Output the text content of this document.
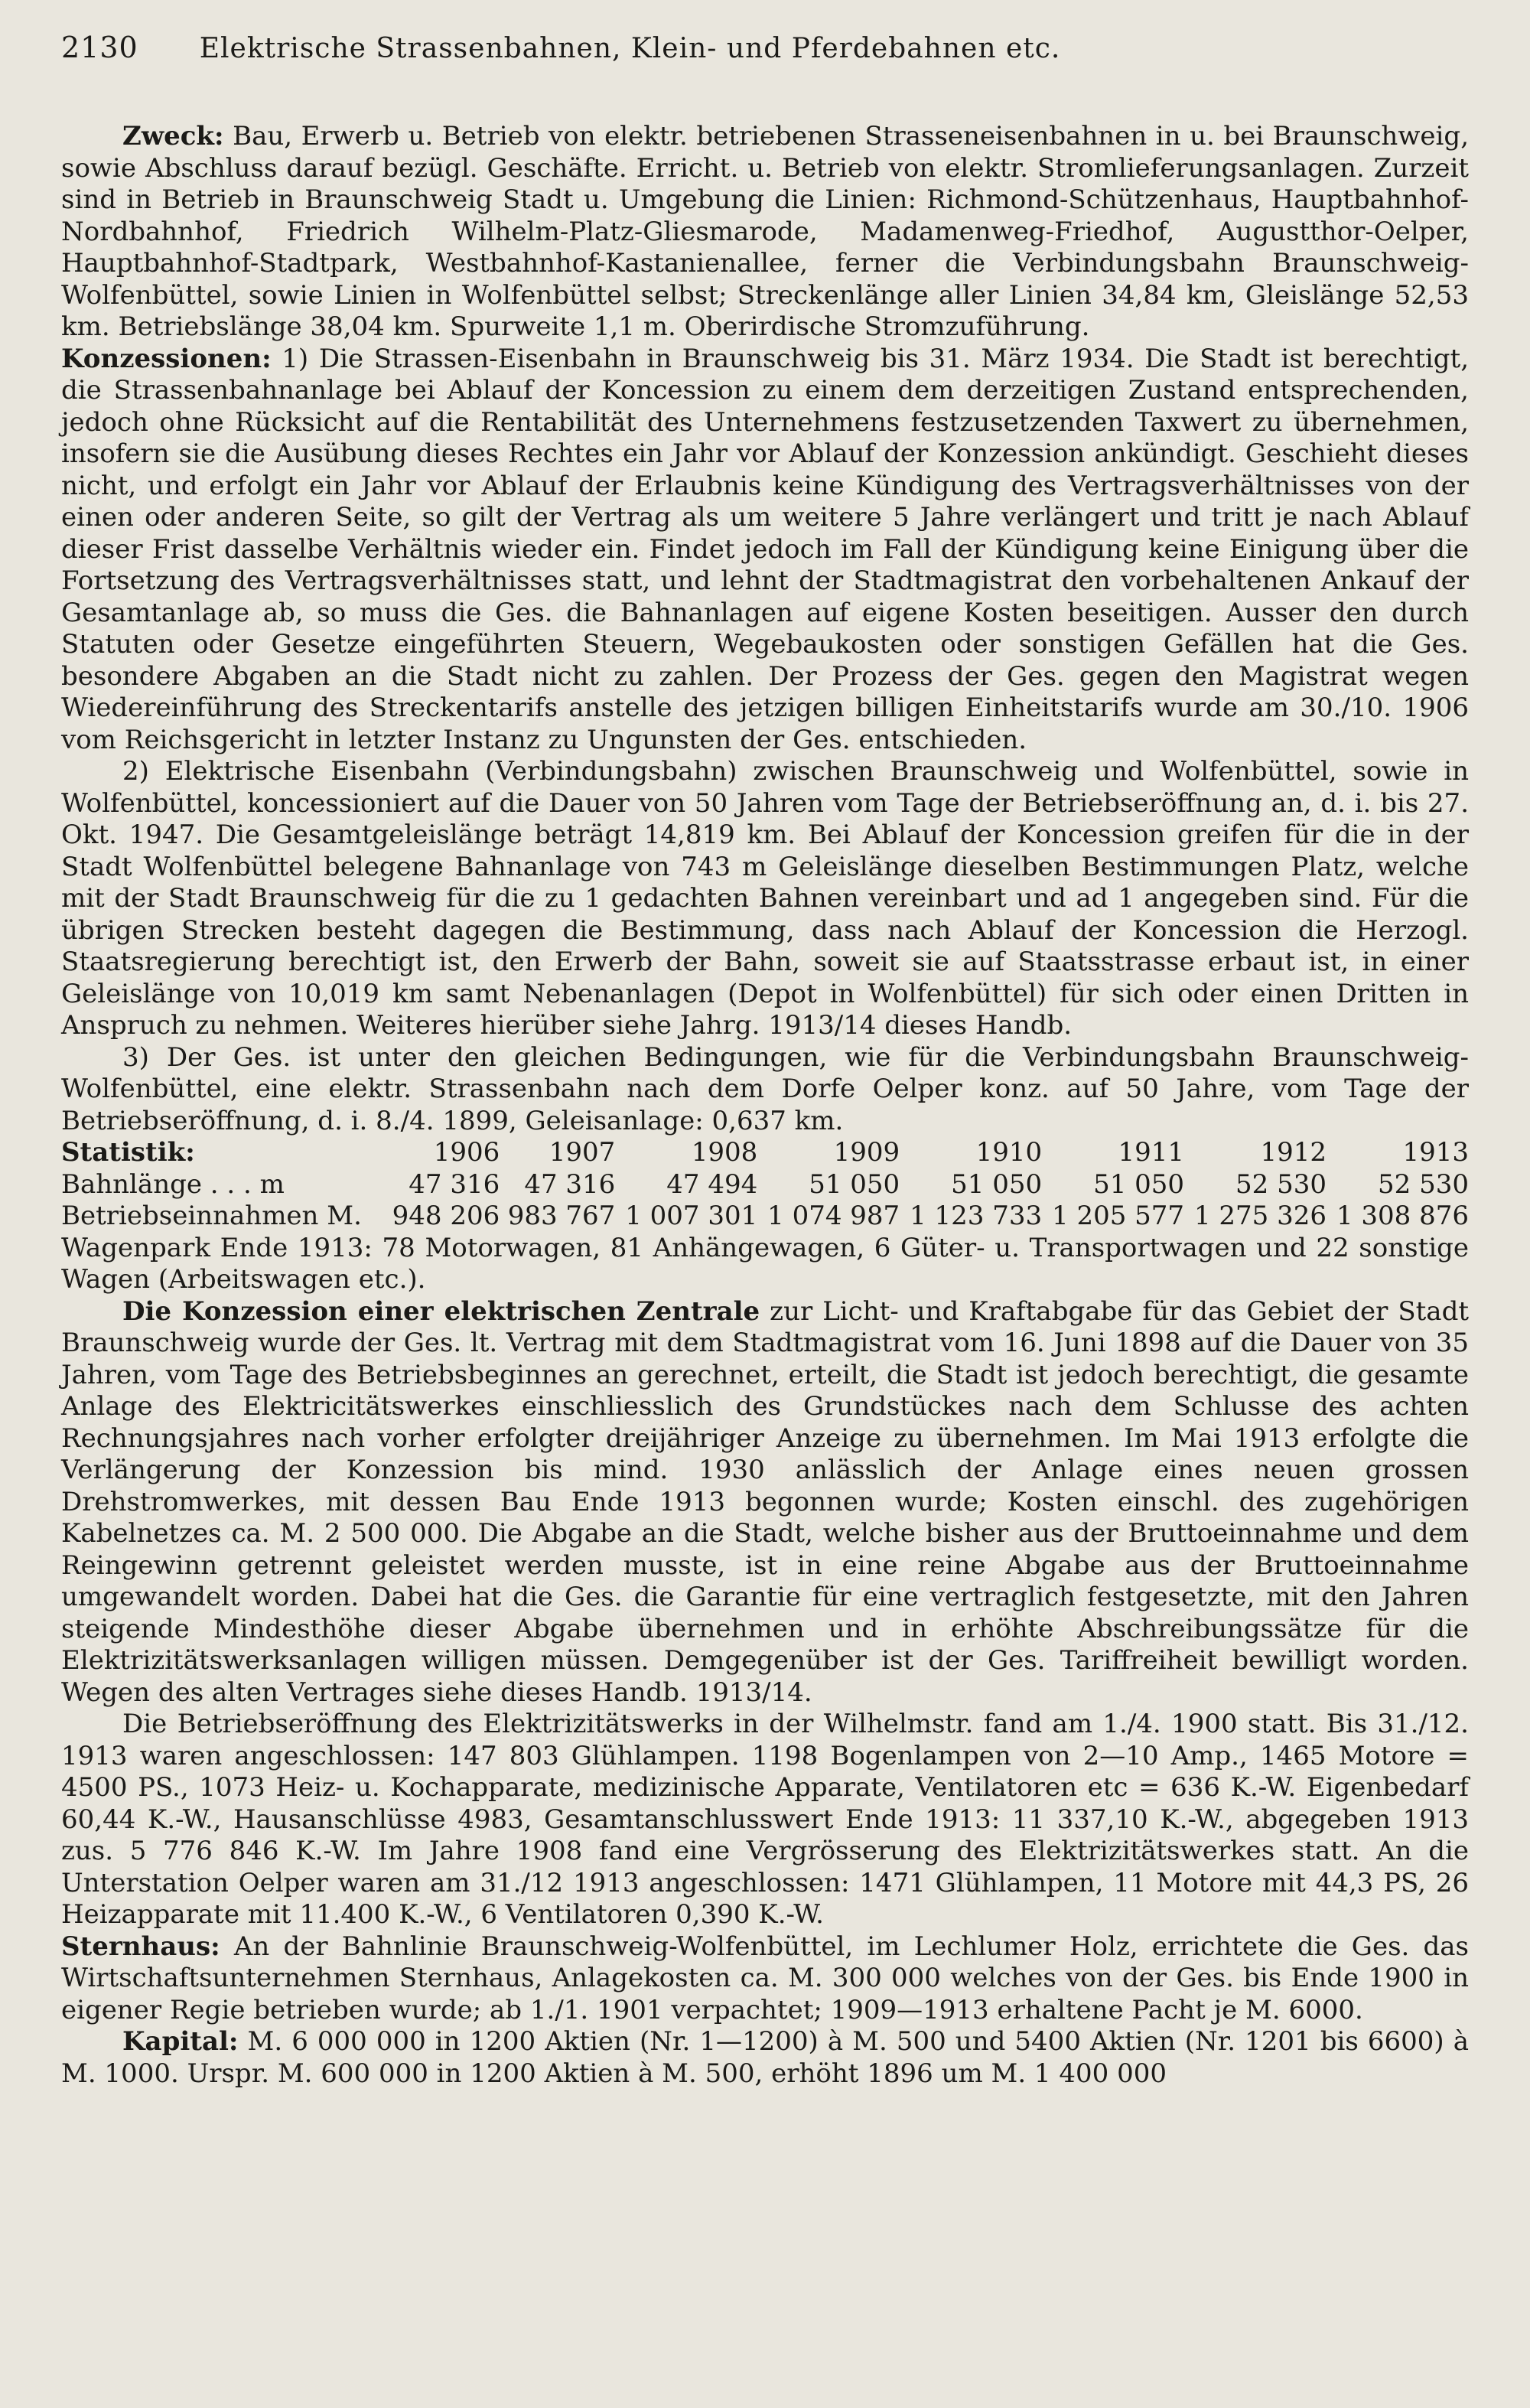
2130 Elektrische Strassenbahnen, Klein- und Pferdebahnen etc.

Zweck: Bau, Erwerb u. Betrieb von elektr. betriebenen Strasseneisenbahnen in u. bei Braunschweig, sowie Abschluss darauf bezügl. Geschäfte. Erricht. u. Betrieb von elektr. Stromlieferungsanlagen. Zurzeit sind in Betrieb in Braunschweig Stadt u. Umgebung die Linien: Richmond-Schützenhaus, Hauptbahnhof-Nordbahnhof, Friedrich Wilhelm-Platz-Gliesmarode, Madamenweg-Friedhof, Augustthor-Oelper, Hauptbahnhof-Stadtpark, Westbahnhof-Kastanienallee, ferner die Verbindungsbahn Braunschweig-Wolfenbüttel, sowie Linien in Wolfenbüttel selbst; Streckenlänge aller Linien 34,84 km, Gleislänge 52,53 km. Betriebslänge 38,04 km. Spurweite 1,1 m. Oberirdische Stromzuführung.

Konzessionen: 1) Die Strassen-Eisenbahn in Braunschweig bis 31. März 1934. Die Stadt ist berechtigt, die Strassenbahnanlage bei Ablauf der Koncession zu einem dem derzeitigen Zustand entsprechenden, jedoch ohne Rücksicht auf die Rentabilität des Unternehmens festzusetzenden Taxwert zu übernehmen, insofern sie die Ausübung dieses Rechtes ein Jahr vor Ablauf der Konzession ankündigt. Geschieht dieses nicht, und erfolgt ein Jahr vor Ablauf der Erlaubnis keine Kündigung des Vertragsverhältnisses von der einen oder anderen Seite, so gilt der Vertrag als um weitere 5 Jahre verlängert und tritt je nach Ablauf dieser Frist dasselbe Verhältnis wieder ein. Findet jedoch im Fall der Kündigung keine Einigung über die Fortsetzung des Vertragsverhältnisses statt, und lehnt der Stadtmagistrat den vorbehaltenen Ankauf der Gesamtanlage ab, so muss die Ges. die Bahnanlagen auf eigene Kosten beseitigen. Ausser den durch Statuten oder Gesetze eingeführten Steuern, Wegebaukosten oder sonstigen Gefällen hat die Ges. besondere Abgaben an die Stadt nicht zu zahlen. Der Prozess der Ges. gegen den Magistrat wegen Wiedereinführung des Streckentarifs anstelle des jetzigen billigen Einheitstarifs wurde am 30./10. 1906 vom Reichsgericht in letzter Instanz zu Ungunsten der Ges. entschieden.

2) Elektrische Eisenbahn (Verbindungsbahn) zwischen Braunschweig und Wolfenbüttel, sowie in Wolfenbüttel, koncessioniert auf die Dauer von 50 Jahren vom Tage der Betriebseröffnung an, d. i. bis 27. Okt. 1947. Die Gesamtgeleislänge beträgt 14,819 km. Bei Ablauf der Koncession greifen für die in der Stadt Wolfenbüttel belegene Bahnanlage von 743 m Geleislänge dieselben Bestimmungen Platz, welche mit der Stadt Braunschweig für die zu 1 gedachten Bahnen vereinbart und ad 1 angegeben sind. Für die übrigen Strecken besteht dagegen die Bestimmung, dass nach Ablauf der Koncession die Herzogl. Staatsregierung berechtigt ist, den Erwerb der Bahn, soweit sie auf Staatsstrasse erbaut ist, in einer Geleislänge von 10,019 km samt Nebenanlagen (Depot in Wolfenbüttel) für sich oder einen Dritten in Anspruch zu nehmen. Weiteres hierüber siehe Jahrg. 1913/14 dieses Handb.

3) Der Ges. ist unter den gleichen Bedingungen, wie für die Verbindungsbahn Braunschweig-Wolfenbüttel, eine elektr. Strassenbahn nach dem Dorfe Oelper konz. auf 50 Jahre, vom Tage der Betriebseröffnung, d. i. 8./4. 1899, Geleisanlage: 0,637 km.

Statistik:	1906	1907	1908	1909	1910	1911	1912	1913
Bahnlänge . . . m	47 316	47 316	47 494	51 050	51 050	51 050	52 530	52 530
Betriebseinnahmen M.	948 206	983 767	1 007 301	1 074 987	1 123 733	1 205 577	1 275 326	1 308 876

Wagenpark Ende 1913: 78 Motorwagen, 81 Anhängewagen, 6 Güter- u. Transportwagen und 22 sonstige Wagen (Arbeitswagen etc.).

Die Konzession einer elektrischen Zentrale zur Licht- und Kraftabgabe für das Gebiet der Stadt Braunschweig wurde der Ges. lt. Vertrag mit dem Stadtmagistrat vom 16. Juni 1898 auf die Dauer von 35 Jahren, vom Tage des Betriebsbeginnes an gerechnet, erteilt, die Stadt ist jedoch berechtigt, die gesamte Anlage des Elektricitätswerkes einschliesslich des Grundstückes nach dem Schlusse des achten Rechnungsjahres nach vorher erfolgter dreijähriger Anzeige zu übernehmen. Im Mai 1913 erfolgte die Verlängerung der Konzession bis mind. 1930 anlässlich der Anlage eines neuen grossen Drehstromwerkes, mit dessen Bau Ende 1913 begonnen wurde; Kosten einschl. des zugehörigen Kabelnetzes ca. M. 2 500 000. Die Abgabe an die Stadt, welche bisher aus der Bruttoeinnahme und dem Reingewinn getrennt geleistet werden musste, ist in eine reine Abgabe aus der Bruttoeinnahme umgewandelt worden. Dabei hat die Ges. die Garantie für eine vertraglich festgesetzte, mit den Jahren steigende Mindesthöhe dieser Abgabe übernehmen und in erhöhte Abschreibungssätze für die Elektrizitätswerksanlagen willigen müssen. Demgegenüber ist der Ges. Tariffreiheit bewilligt worden. Wegen des alten Vertrages siehe dieses Handb. 1913/14.

Die Betriebseröffnung des Elektrizitätswerks in der Wilhelmstr. fand am 1./4. 1900 statt. Bis 31./12. 1913 waren angeschlossen: 147 803 Glühlampen. 1198 Bogenlampen von 2—10 Amp., 1465 Motore = 4500 PS., 1073 Heiz- u. Kochapparate, medizinische Apparate, Ventilatoren etc = 636 K.-W. Eigenbedarf 60,44 K.-W., Hausanschlüsse 4983, Gesamtanschlusswert Ende 1913: 11 337,10 K.-W., abgegeben 1913 zus. 5 776 846 K.-W. Im Jahre 1908 fand eine Vergrösserung des Elektrizitätswerkes statt. An die Unterstation Oelper waren am 31./12 1913 angeschlossen: 1471 Glühlampen, 11 Motore mit 44,3 PS, 26 Heizapparate mit 11.400 K.-W., 6 Ventilatoren 0,390 K.-W.

Sternhaus: An der Bahnlinie Braunschweig-Wolfenbüttel, im Lechlumer Holz, errichtete die Ges. das Wirtschaftsunternehmen Sternhaus, Anlagekosten ca. M. 300 000 welches von der Ges. bis Ende 1900 in eigener Regie betrieben wurde; ab 1./1. 1901 verpachtet; 1909—1913 erhaltene Pacht je M. 6000.

Kapital: M. 6 000 000 in 1200 Aktien (Nr. 1—1200) à M. 500 und 5400 Aktien (Nr. 1201 bis 6600) à M. 1000. Urspr. M. 600 000 in 1200 Aktien à M. 500, erhöht 1896 um M. 1 400 000
